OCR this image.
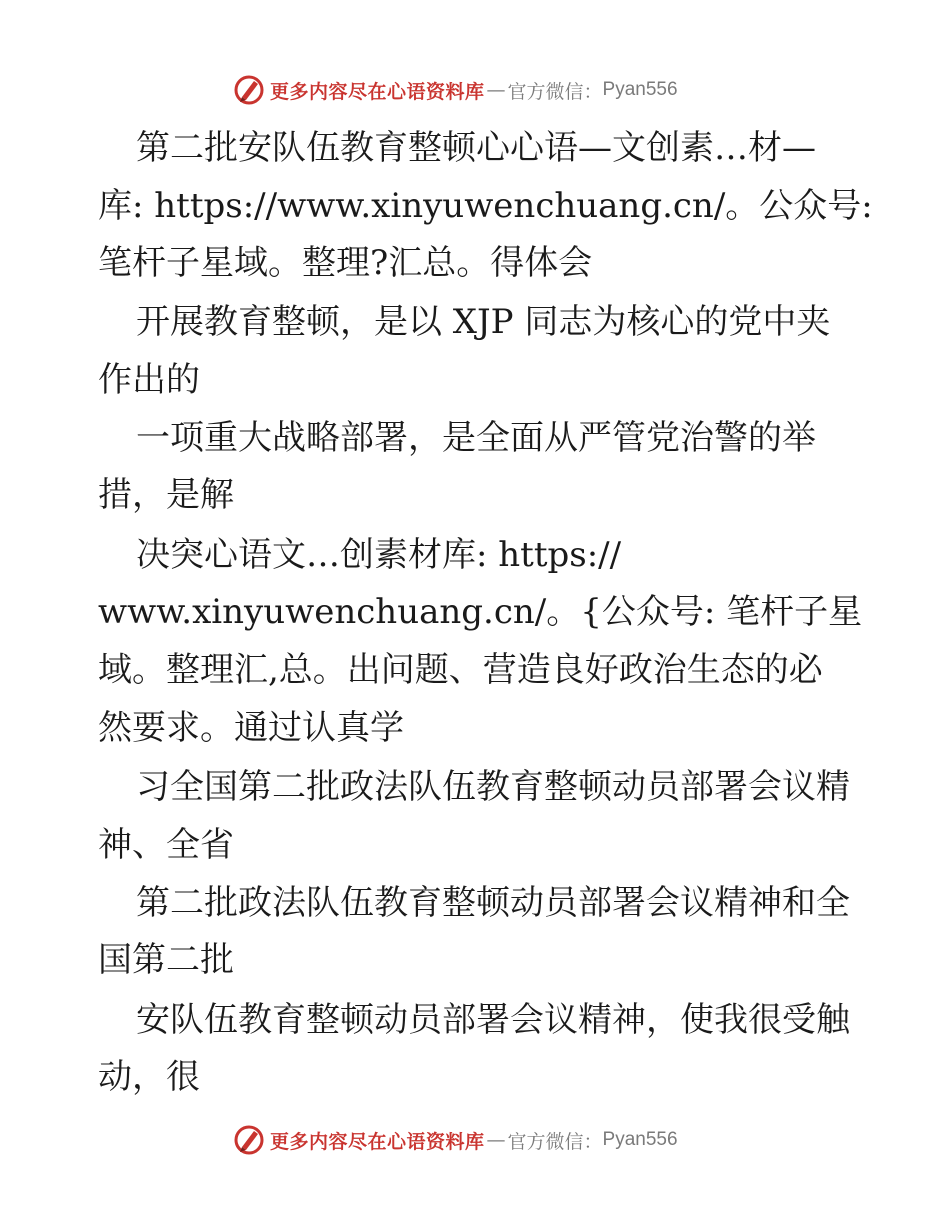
更多内容尽在心语资料库 — 官方微信： Pyan556
第二批安队伍教育整顿心心语—文创素…材—
库: https://www.xinyuwenchuang.cn/。公众号:
笔杆子星域。整理?汇总。得体会
开展教育整顿，是以 XJP 同志为核心的党中夹
作出的
一项重大战略部署，是全面从严管党治警的举
措，是解
决突心语文…创素材库: https://
www.xinyuwenchuang.cn/。{公众号: 笔杆子星
域。整理汇,总。出问题、营造良好政治生态的必
然要求。通过认真学
习全国第二批政法队伍教育整顿动员部署会议精
神、全省
第二批政法队伍教育整顿动员部署会议精神和全
国第二批
安队伍教育整顿动员部署会议精神，使我很受触
动，很
更多内容尽在心语资料库 — 官方微信： Pyan556
